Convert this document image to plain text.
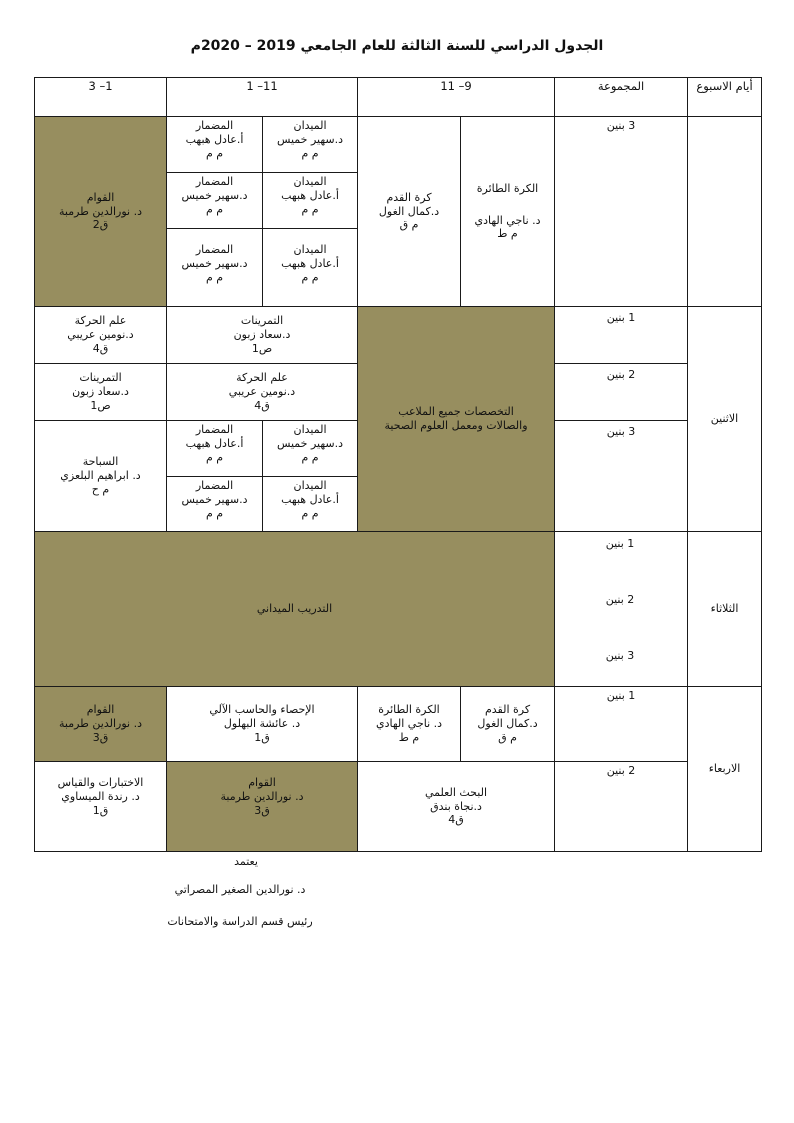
الجدول الدراسي للسنة الثالثة للعام الجامعي 2019 – 2020م
أيام الاسبوع
المجموعة
9– 11
11– 1
1– 3
3 بنين
الكرة الطائرة
د. ناجي الهادي
م ط
كرة القدم
د.كمال الغول
م ق
الميدان
د.سهير خميس
م م
المضمار
أ.عادل هبهب
م م
الميدان
أ.عادل هبهب
م م
المضمار
د.سهير خميس
م م
الميدان
أ.عادل هبهب
م م
المضمار
د.سهير خميس
م م
القوام
د. نورالدين طرمبة
ق2
الاثنين
1 بنين
2 بنين
3 بنين
التخصصات جميع الملاعب
والصالات ومعمل العلوم الصحية
التمرينات
د.سعاد زبون
ص1
علم الحركة
د.نومين عريبي
ق4
علم الحركة
د.نومين عريبي
ق4
التمرينات
د.سعاد زبون
ص1
الميدان
د.سهير خميس
م م
المضمار
أ.عادل هبهب
م م
الميدان
أ.عادل هبهب
م م
المضمار
د.سهير خميس
م م
السباحة
د. ابراهيم البلعزي
م ح
الثلاثاء
1 بنين
2 بنين
3 بنين
التدريب الميداني
الاربعاء
1 بنين
2 بنين
كرة القدم
د.كمال الغول
م ق
الكرة الطائرة
د. ناجي الهادي
م ط
الإحصاء والحاسب الآلي
د. عائشة البهلول
ق1
القوام
د. نورالدين طرمبة
ق3
البحث العلمي
د.نجاة بندق
ق4
القوام
د. نورالدين طرمبة
ق3
الاختبارات والقياس
د. رندة الميساوي
ق1
يعتمد
د. نورالدين الصغير المصراتي
رئيس قسم الدراسة والامتحانات
